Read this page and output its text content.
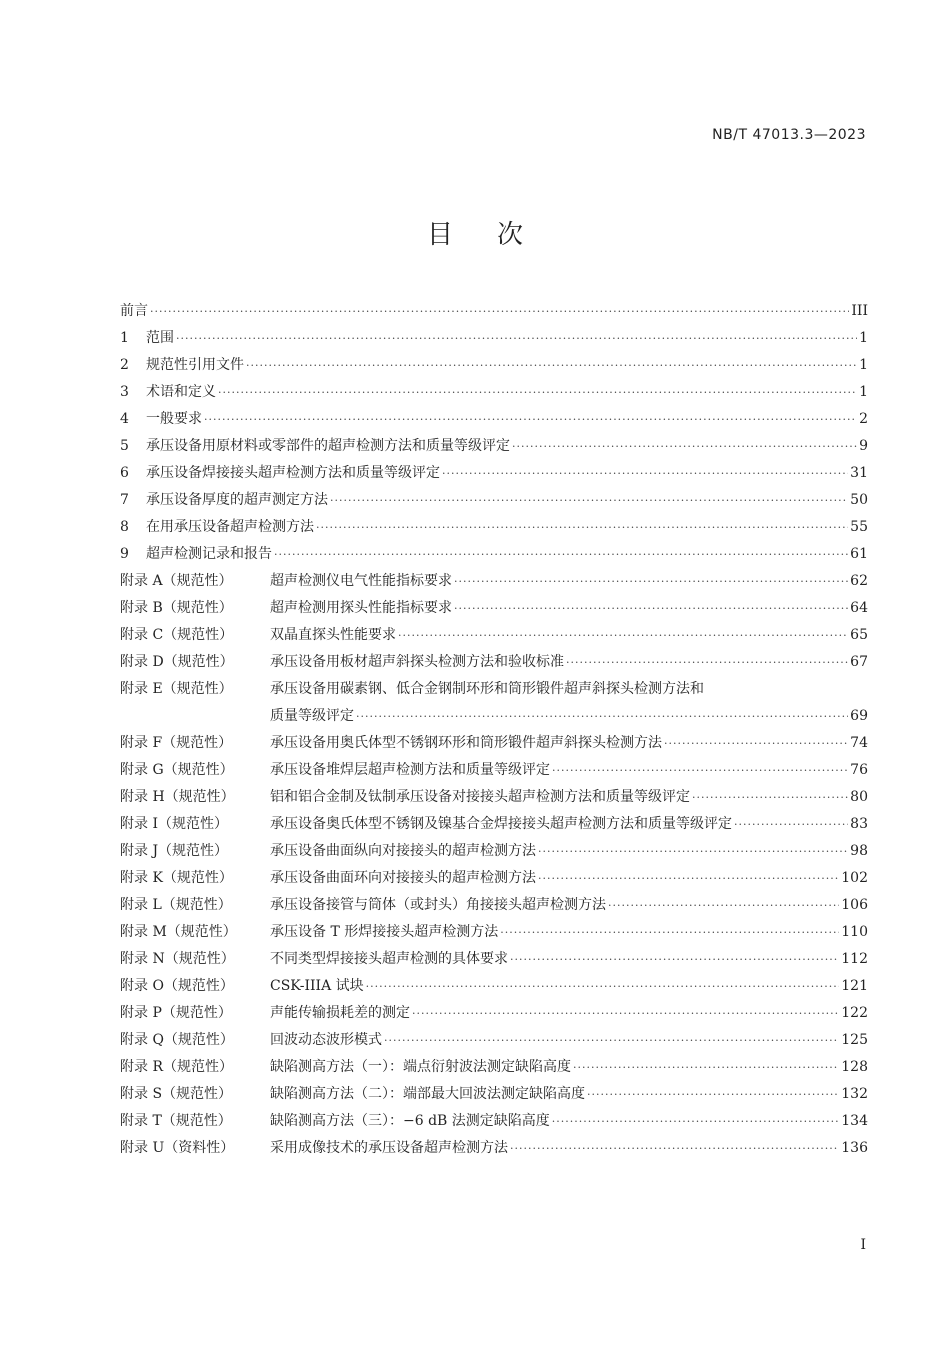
NB/T 47013.3—2023
目次
前言 ·····	III
1	范围 ·····	1
2	规范性引用文件 ·····	1
3	术语和定义 ·····	1
4	一般要求 ·····	2
5	承压设备用原材料或零部件的超声检测方法和质量等级评定 ·····	9
6	承压设备焊接接头超声检测方法和质量等级评定 ·····	31
7	承压设备厚度的超声测定方法 ·····	50
8	在用承压设备超声检测方法 ·····	55
9	超声检测记录和报告 ·····	61
附录 A（规范性）	超声检测仪电气性能指标要求 ·····	62
附录 B（规范性）	超声检测用探头性能指标要求 ·····	64
附录 C（规范性）	双晶直探头性能要求 ·····	65
附录 D（规范性）	承压设备用板材超声斜探头检测方法和验收标准 ·····	67
附录 E（规范性）	承压设备用碳素钢、低合金钢制环形和筒形锻件超声斜探头检测方法和
质量等级评定 ·····	69
附录 F（规范性）	承压设备用奥氏体型不锈钢环形和筒形锻件超声斜探头检测方法 ·····	74
附录 G（规范性）	承压设备堆焊层超声检测方法和质量等级评定 ·····	76
附录 H（规范性）	铝和铝合金制及钛制承压设备对接接头超声检测方法和质量等级评定 ·····	80
附录 I（规范性）	承压设备奥氏体型不锈钢及镍基合金焊接接头超声检测方法和质量等级评定 ·····	83
附录 J（规范性）	承压设备曲面纵向对接接头的超声检测方法 ·····	98
附录 K（规范性）	承压设备曲面环向对接接头的超声检测方法 ·····	102
附录 L（规范性）	承压设备接管与筒体（或封头）角接接头超声检测方法 ·····	106
附录 M（规范性）	承压设备 T 形焊接接头超声检测方法 ·····	110
附录 N（规范性）	不同类型焊接接头超声检测的具体要求 ·····	112
附录 O（规范性）	CSK-IIIA 试块 ·····	121
附录 P（规范性）	声能传输损耗差的测定 ·····	122
附录 Q（规范性）	回波动态波形模式 ·····	125
附录 R（规范性）	缺陷测高方法（一）：端点衍射波法测定缺陷高度 ·····	128
附录 S（规范性）	缺陷测高方法（二）：端部最大回波法测定缺陷高度 ·····	132
附录 T（规范性）	缺陷测高方法（三）：−6 dB 法测定缺陷高度 ·····	134
附录 U（资料性）	采用成像技术的承压设备超声检测方法 ·····	136
I
